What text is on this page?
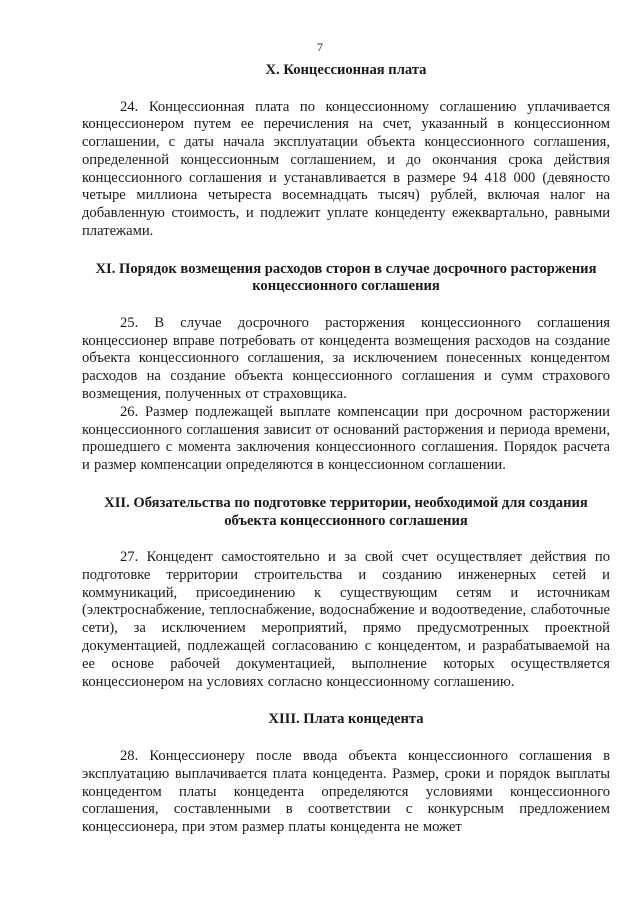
7
X. Концессионная плата

24. Концессионная плата по концессионному соглашению уплачивается концессионером путем ее перечисления на счет, указанный в концессионном соглашении, с даты начала эксплуатации объекта концессионного соглашения, определенной концессионным соглашением, и до окончания срока действия концессионного соглашения и устанавливается в размере 94 418 000 (девяносто четыре миллиона четыреста восемнадцать тысяч) рублей, включая налог на добавленную стоимость, и подлежит уплате концеденту ежеквартально, равными платежами.

XI. Порядок возмещения расходов сторон в случае досрочного расторжения концессионного соглашения

25. В случае досрочного расторжения концессионного соглашения концессионер вправе потребовать от концедента возмещения расходов на создание объекта концессионного соглашения, за исключением понесенных концедентом расходов на создание объекта концессионного соглашения и сумм страхового возмещения, полученных от страховщика.

26. Размер подлежащей выплате компенсации при досрочном расторжении концессионного соглашения зависит от оснований расторжения и периода времени, прошедшего с момента заключения концессионного соглашения. Порядок расчета и размер компенсации определяются в концессионном соглашении.

XII. Обязательства по подготовке территории, необходимой для создания объекта концессионного соглашения

27. Концедент самостоятельно и за свой счет осуществляет действия по подготовке территории строительства и созданию инженерных сетей и коммуникаций, присоединению к существующим сетям и источникам (электроснабжение, теплоснабжение, водоснабжение и водоотведение, слаботочные сети), за исключением мероприятий, прямо предусмотренных проектной документацией, подлежащей согласованию с концедентом, и разрабатываемой на ее основе рабочей документацией, выполнение которых осуществляется концессионером на условиях согласно концессионному соглашению.

XIII. Плата концедента

28. Концессионеру после ввода объекта концессионного соглашения в эксплуатацию выплачивается плата концедента. Размер, сроки и порядок выплаты концедентом платы концедента определяются условиями концессионного соглашения, составленными в соответствии с конкурсным предложением концессионера, при этом размер платы концедента не может
